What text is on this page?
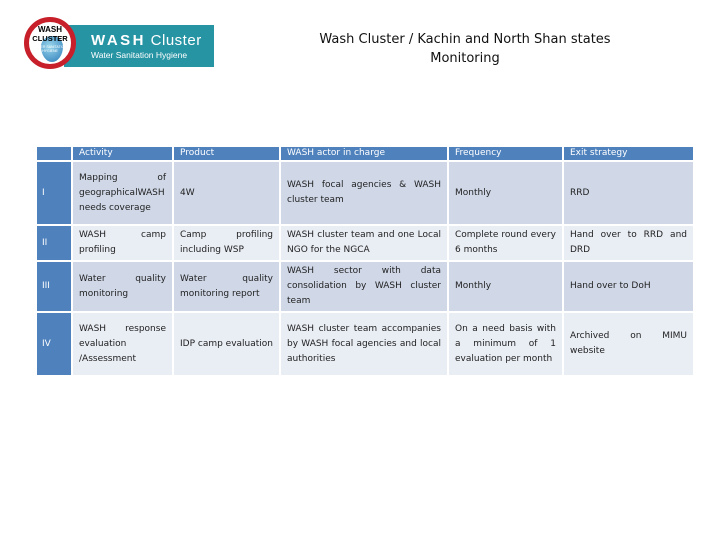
WASH Cluster
Water Sanitation Hygiene
WASH
CLUSTER
WATER SANITATION HYGIENE
Wash Cluster / Kachin and North Shan states
Monitoring
	Activity	Product	WASH actor in charge	Frequency	Exit strategy
I	Mapping of geographicalWASH needs coverage	4W	WASH focal agencies & WASH cluster team	Monthly	RRD
II	WASH camp profiling	Camp profiling including WSP	WASH cluster team and one Local NGO for the NGCA	Complete round every 6 months	Hand over to RRD and DRD
III	Water quality monitoring	Water quality monitoring report	WASH sector with data consolidation by WASH cluster team	Monthly	Hand over to DoH
IV	WASH response evaluation /Assessment	IDP camp evaluation	WASH cluster team accompanies by WASH focal agencies and local authorities	On a need basis with a minimum of 1 evaluation per month	Archived on MIMU website
